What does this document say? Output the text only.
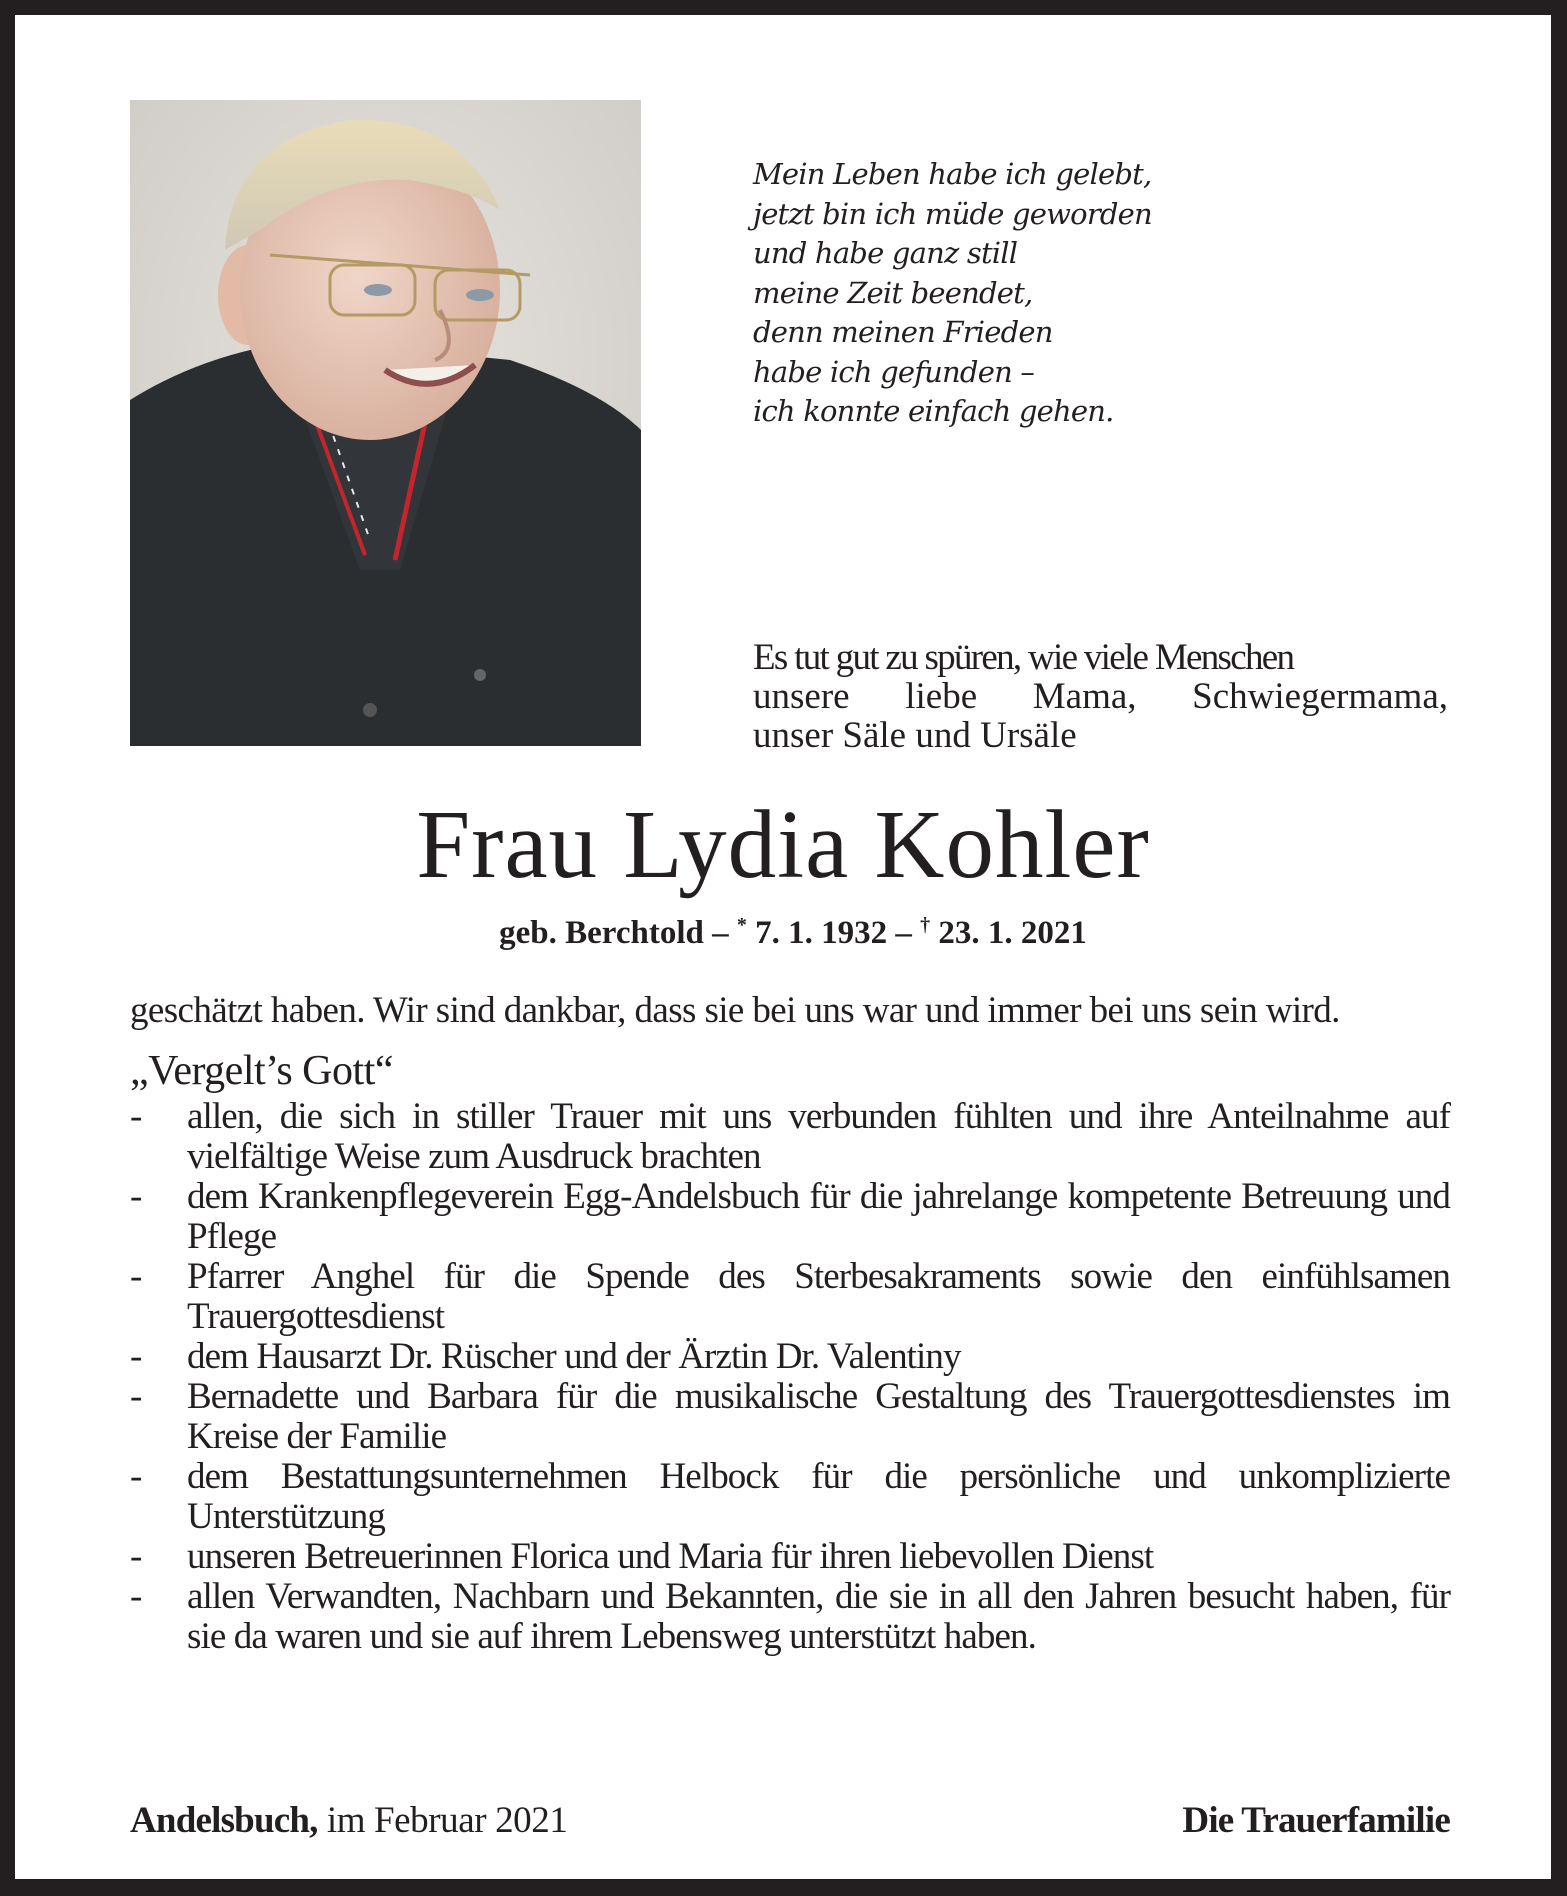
Mein Leben habe ich gelebt,
jetzt bin ich müde geworden
und habe ganz still
meine Zeit beendet,
denn meinen Frieden
habe ich gefunden –
ich konnte einfach gehen.
Es tut gut zu spüren, wie viele Menschen
unsere liebe Mama, Schwiegermama,
unser Säle und Ursäle
Frau Lydia Kohler
geb. Berchtold – * 7. 1. 1932 – † 23. 1. 2021
geschätzt haben. Wir sind dankbar, dass sie bei uns war und immer bei uns sein wird.
„Vergelt’s Gott“
- allen, die sich in stiller Trauer mit uns verbunden fühlten und ihre Anteilnahme auf vielfältige Weise zum Ausdruck brachten
- dem Krankenpflegeverein Egg-Andelsbuch für die jahrelange kompetente Betreuung und Pflege
- Pfarrer Anghel für die Spende des Sterbesakraments sowie den einfühlsamen Trauergottesdienst
- dem Hausarzt Dr. Rüscher und der Ärztin Dr. Valentiny
- Bernadette und Barbara für die musikalische Gestaltung des Trauergottesdienstes im Kreise der Familie
- dem Bestattungsunternehmen Helbock für die persönliche und unkomplizierte Unterstützung
- unseren Betreuerinnen Florica und Maria für ihren liebevollen Dienst
- allen Verwandten, Nachbarn und Bekannten, die sie in all den Jahren besucht haben, für sie da waren und sie auf ihrem Lebensweg unterstützt haben.
Andelsbuch, im Februar 2021	Die Trauerfamilie
